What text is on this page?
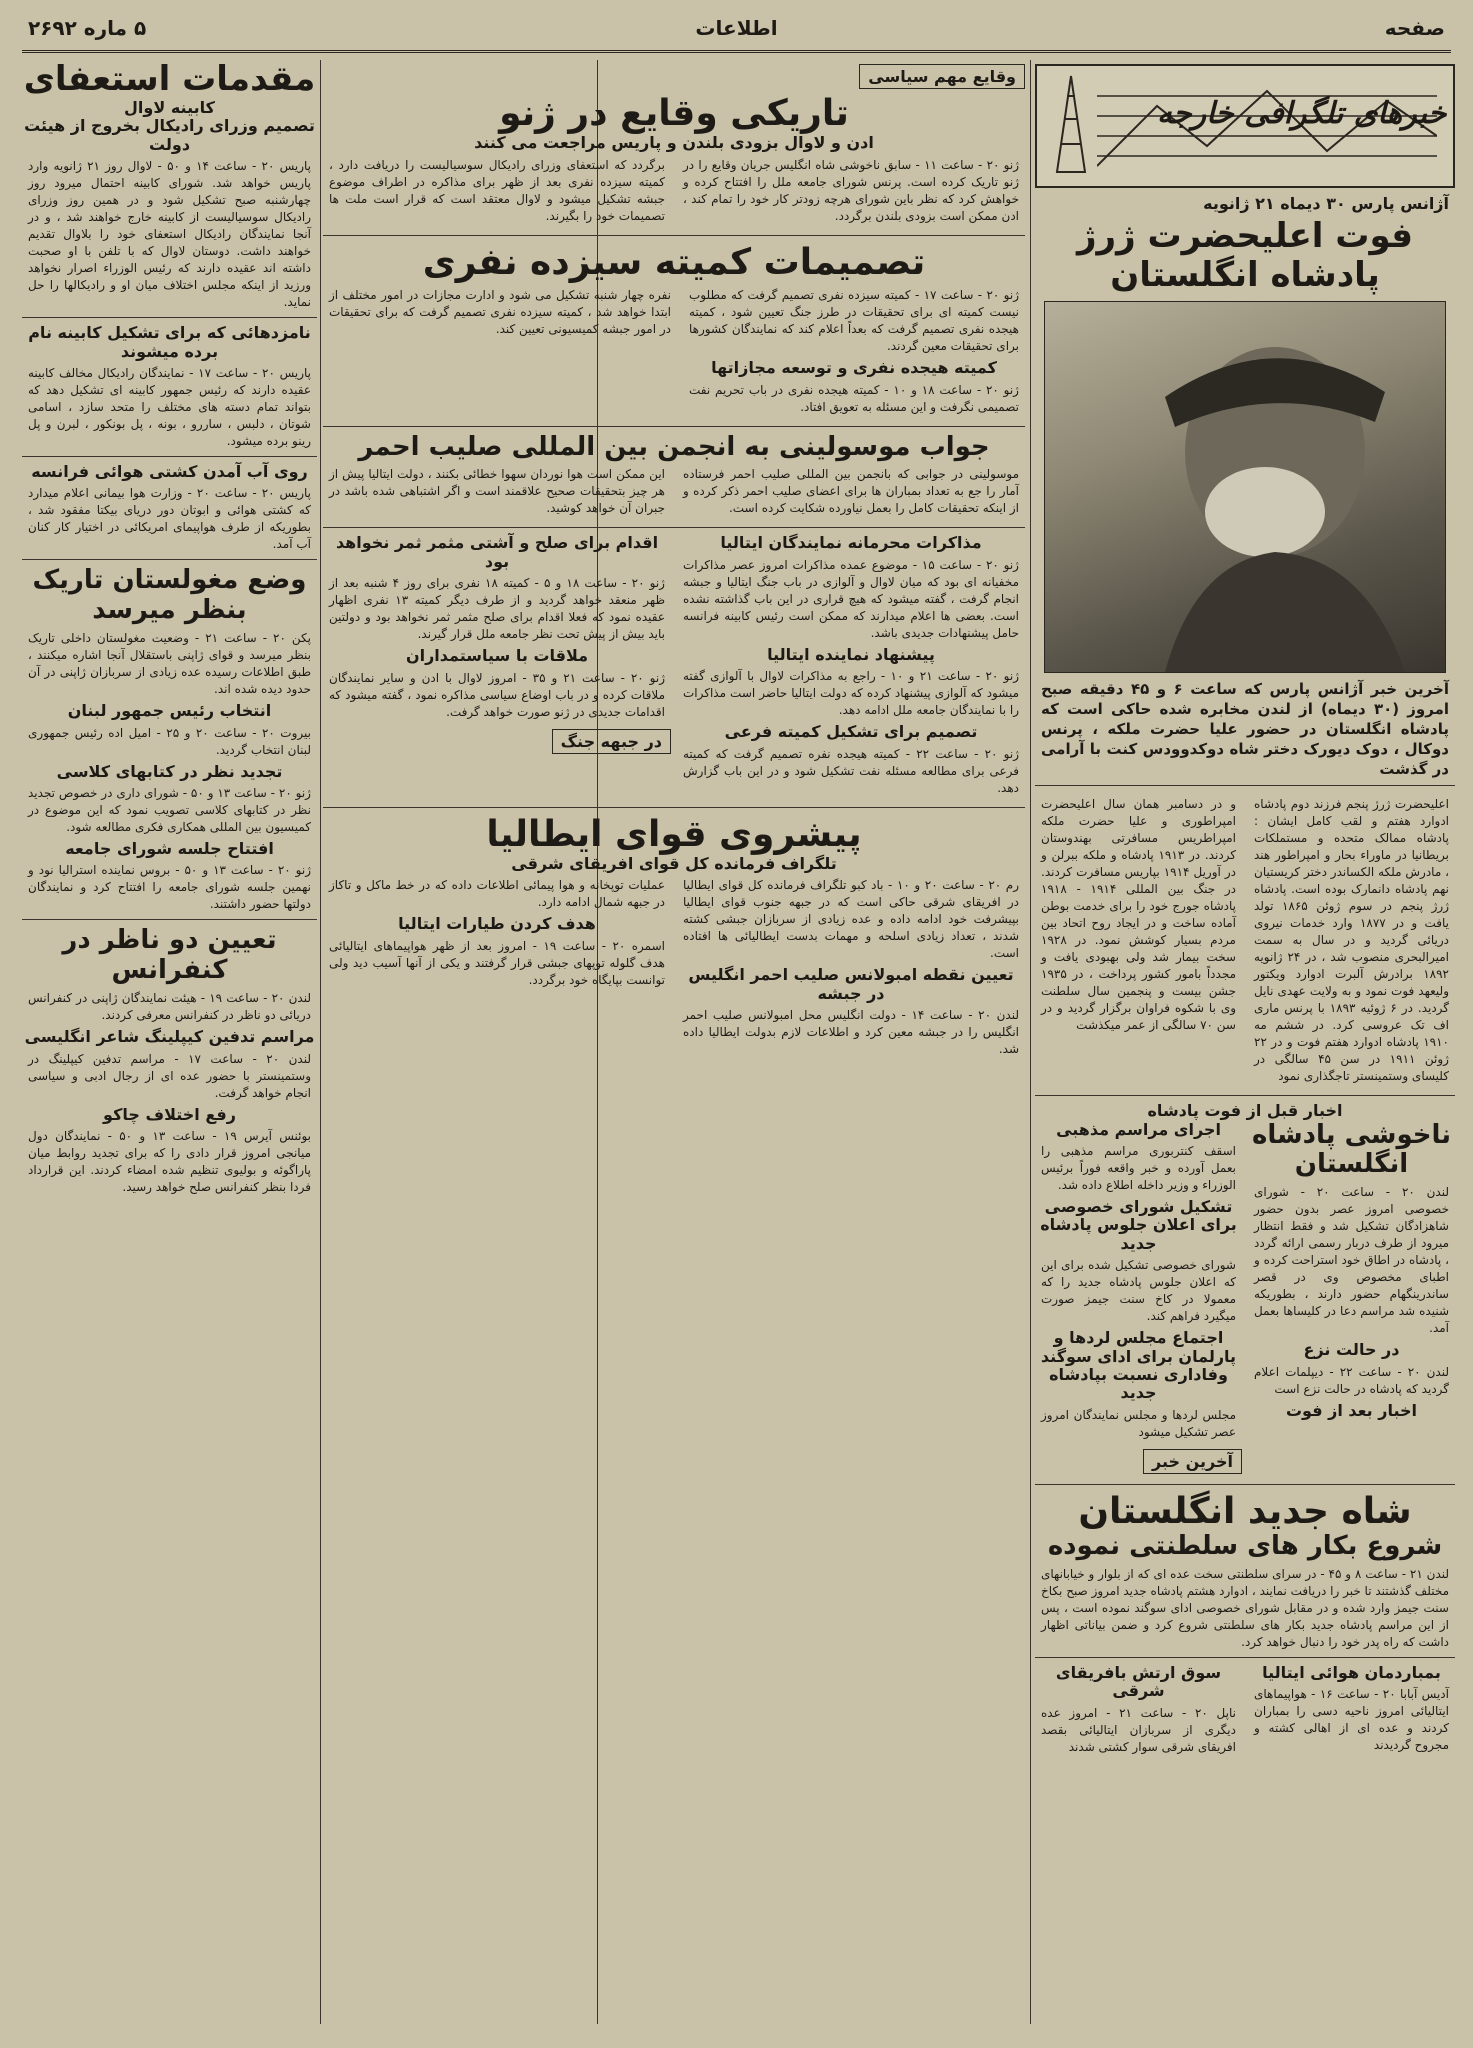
صفحه
اطلاعات
۵ ماره ۲۶۹۲
خبرهای تلگرافی خارجه
آژانس پارس ۳۰ دیماه ۲۱ ژانویه
فوت اعلیحضرت ژرژ پادشاه انگلستان
آخرین خبر آژانس پارس که ساعت ۶ و ۴۵ دقیقه صبح امروز (۳۰ دیماه) از لندن مخابره شده حاکی است که پادشاه انگلستان در حضور علیا حضرت ملکه ، پرنس دوکال ، دوک دیورک دختر شاه دوکدوودس کنت با آرامی در گذشت
اعلیحضرت ژرژ پنجم فرزند دوم پادشاه ادوارد هفتم و لقب کامل ایشان : پادشاه ممالک متحده و مستملکات بریطانیا در ماوراء بحار و امپراطور هند ، مادرش ملکه الکساندر دختر کریستیان نهم پادشاه دانمارک بوده است. پادشاه ژرژ پنجم در سوم ژوئن ۱۸۶۵ تولد یافت و در ۱۸۷۷ وارد خدمات نیروی دریائی گردید و در سال به سمت امیرالبحری منصوب شد ، در ۲۴ ژانویه ۱۸۹۲ برادرش آلبرت ادوارد ویکتور ولیعهد فوت نمود و به ولایت عهدی نایل گردید. در ۶ ژوئیه ۱۸۹۳ با پرنس ماری اف تک عروسی کرد. در ششم مه ۱۹۱۰ پادشاه ادوارد هفتم فوت و در ۲۲ ژوئن ۱۹۱۱ در سن ۴۵ سالگی در کلیسای وستمینستر تاجگذاری نمود
و در دسامبر همان سال اعلیحضرت امپراطوری و علیا حضرت ملکه امپراطریس مسافرتی بهندوستان کردند. در ۱۹۱۳ پادشاه و ملکه ببرلن و در آوریل ۱۹۱۴ بپاریس مسافرت کردند. در جنگ بین المللی ۱۹۱۴ - ۱۹۱۸ پادشاه جورج خود را برای خدمت بوطن آماده ساخت و در ایجاد روح اتحاد بین مردم بسیار کوشش نمود. در ۱۹۲۸ سخت بیمار شد ولی بهبودی یافت و مجدداً بامور کشور پرداخت ، در ۱۹۳۵ جشن بیست و پنجمین سال سلطنت وی با شکوه فراوان برگزار گردید و در سن ۷۰ سالگی از عمر میکذشت
اخبار قبل از فوت پادشاه
ناخوشی پادشاه انگلستان
لندن ۲۰ - ساعت ۲۰ - شورای خصوصی امروز عصر بدون حضور شاهزادگان تشکیل شد و فقط انتظار میرود از طرف دربار رسمی ارائه گردد ، پادشاه در اطاق خود استراحت کرده و اطبای مخصوص وی در قصر ساندرینگهام حضور دارند ، بطوریکه شنیده شد مراسم دعا در کلیساها بعمل آمد.
در حالت نزع
لندن ۲۰ - ساعت ۲۲ - دیپلمات اعلام گردید که پادشاه در حالت نزع است
اخبار بعد از فوت
اجرای مراسم مذهبی
اسقف کنتربوری مراسم مذهبی را بعمل آورده و خبر واقعه فوراً برئیس الوزراء و وزیر داخله اطلاع داده شد.
تشکیل شورای خصوصی برای اعلان جلوس پادشاه جدید
شورای خصوصی تشکیل شده برای این که اعلان جلوس پادشاه جدید را که معمولا در کاخ سنت جیمز صورت میگیرد فراهم کند.
اجتماع مجلس لردها و پارلمان برای ادای سوگند وفاداری نسبت بپادشاه جدید
مجلس لردها و مجلس نمایندگان امروز عصر تشکیل میشود
آخرین خبر
شاه جدید انگلستان
شروع بکار های سلطنتی نموده
لندن ۲۱ - ساعت ۸ و ۴۵ - در سرای سلطنتی سخت عده ای که از بلوار و خیابانهای مختلف گذشتند تا خبر را دریافت نمایند ، ادوارد هشتم پادشاه جدید امروز صبح بکاخ سنت جیمز وارد شده و در مقابل شورای خصوصی ادای سوگند نموده است ، پس از این مراسم پادشاه جدید بکار های سلطنتی شروع کرد و ضمن بیاناتی اظهار داشت که راه پدر خود را دنبال خواهد کرد.
بمباردمان هوائی ایتالیا
آدیس آبابا ۲۰ - ساعت ۱۶ - هواپیماهای ایتالیائی امروز ناحیه دسی را بمباران کردند و عده ای از اهالی کشته و مجروح گردیدند
سوق ارتش بافریقای شرقی
ناپل ۲۰ - ساعت ۲۱ - امروز عده دیگری از سربازان ایتالیائی بقصد افریقای شرقی سوار کشتی شدند
وقایع مهم سیاسی
تاریکی وقایع در ژنو
ادن و لاوال بزودی بلندن و پاریس مراجعت می کنند
ژنو ۲۰ - ساعت ۱۱ - سابق ناخوشی شاه انگلیس جریان وقایع را در ژنو تاریک کرده است. پرنس شورای جامعه ملل را افتتاح کرده و خواهش کرد که نظر باین شورای هرچه زودتر کار خود را تمام کند ، ادن ممکن است بزودی بلندن برگردد.
برگردد که استعفای وزرای رادیکال سوسیالیست را دریافت دارد ، کمیته سیزده نفری بعد از ظهر برای مذاکره در اطراف موضوع جبشه تشکیل میشود و لاوال معتقد است که قرار است ملت ها تصمیمات خود را بگیرند.
تصمیمات کمیته سیزده نفری
ژنو ۲۰ - ساعت ۱۷ - کمیته سیزده نفری تصمیم گرفت که مطلوب نیست کمیته ای برای تحقیقات در طرز جنگ تعیین شود ، کمیته هیجده نفری تصمیم گرفت که بعداً اعلام کند که نمایندگان کشورها برای تحقیقات معین گردند.
کمیته هیجده نفری و توسعه مجازاتها
ژنو ۲۰ - ساعت ۱۸ و ۱۰ - کمیته هیجده نفری در باب تحریم نفت تصمیمی نگرفت و این مسئله به تعویق افتاد.
نفره چهار شنبه تشکیل می شود و ادارت مجازات در امور مختلف از ابتدا خواهد شد ، کمیته سیزده نفری تصمیم گرفت که برای تحقیقات در امور جبشه کمیسیونی تعیین کند.
جواب موسولینی به انجمن بین المللی صلیب احمر
موسولینی در جوابی که بانجمن بین المللی صلیب احمر فرستاده آمار را جع به تعداد بمباران ها برای اعضای صلیب احمر ذکر کرده و از اینکه تحقیقات کامل را بعمل نیاورده شکایت کرده است.
این ممکن است هوا نوردان سهوا خطائی بکنند ، دولت ایتالیا پیش از هر چیز بتحقیقات صحیح علاقمند است و اگر اشتباهی شده باشد در جبران آن خواهد کوشید.
مذاکرات محرمانه نمایندگان ایتالیا
ژنو ۲۰ - ساعت ۱۵ - موضوع عمده مذاکرات امروز عصر مذاکرات مخفیانه ای بود که میان لاوال و آلوازی در باب جنگ ایتالیا و جبشه انجام گرفت ، گفته میشود که هیچ قراری در این باب گذاشته نشده است. بعضی ها اعلام میدارند که ممکن است رئیس کابینه فرانسه حامل پیشنهادات جدیدی باشد.
پیشنهاد نماینده ایتالیا
ژنو ۲۰ - ساعت ۲۱ و ۱۰ - راجع به مذاکرات لاوال با آلوازی گفته میشود که آلوازی پیشنهاد کرده که دولت ایتالیا حاضر است مذاکرات را با نمایندگان جامعه ملل ادامه دهد.
تصمیم برای تشکیل کمیته فرعی
ژنو ۲۰ - ساعت ۲۲ - کمیته هیجده نفره تصمیم گرفت که کمیته فرعی برای مطالعه مسئله نفت تشکیل شود و در این باب گزارش دهد.
اقدام برای صلح و آشتی مثمر ثمر نخواهد بود
ژنو ۲۰ - ساعت ۱۸ و ۵ - کمیته ۱۸ نفری برای روز ۴ شنبه بعد از ظهر منعقد خواهد گردید و از طرف دیگر کمیته ۱۳ نفری اظهار عقیده نمود که فعلا اقدام برای صلح مثمر ثمر نخواهد بود و دولتین باید بیش از پیش تحت نظر جامعه ملل قرار گیرند.
ملاقات با سیاستمداران
ژنو ۲۰ - ساعت ۲۱ و ۳۵ - امروز لاوال با ادن و سایر نمایندگان ملاقات کرده و در باب اوضاع سیاسی مذاکره نمود ، گفته میشود که اقدامات جدیدی در ژنو صورت خواهد گرفت.
در جبهه جنگ
پیشروی قوای ایطالیا
تلگراف فرمانده کل قوای افریقای شرقی
رم ۲۰ - ساعت ۲۰ و ۱۰ - باد کبو تلگراف فرمانده کل قوای ایطالیا در افریقای شرقی حاکی است که در جبهه جنوب قوای ایطالیا بپیشرفت خود ادامه داده و عده زیادی از سربازان جبشی کشته شدند ، تعداد زیادی اسلحه و مهمات بدست ایطالیائی ها افتاده است.
تعیین نقطه امبولانس صلیب احمر انگلیس در جبشه
لندن ۲۰ - ساعت ۱۴ - دولت انگلیس محل امبولانس صلیب احمر انگلیس را در جبشه معین کرد و اطلاعات لازم بدولت ایطالیا داده شد.
عملیات توپخانه و هوا پیمائی اطلاعات داده که در خط ماکل و تاکاز در جبهه شمال ادامه دارد.
هدف کردن طیارات ایتالیا
اسمره ۲۰ - ساعت ۱۹ - امروز بعد از ظهر هواپیماهای ایتالیائی هدف گلوله توپهای جبشی قرار گرفتند و یکی از آنها آسیب دید ولی توانست بپایگاه خود برگردد.
مقدمات استعفای
کابینه لاوال
تصمیم وزرای رادیکال بخروج از هیئت دولت
پاریس ۲۰ - ساعت ۱۴ و ۵۰ - لاوال روز ۲۱ ژانویه وارد پاریس خواهد شد. شورای کابینه احتمال میرود روز چهارشنبه صبح تشکیل شود و در همین روز وزرای رادیکال سوسیالیست از کابینه خارج خواهند شد ، و در آنجا نمایندگان رادیکال استعفای خود را بلاوال تقدیم خواهند داشت. دوستان لاوال که با تلفن با او صحبت داشته اند عقیده دارند که رئیس الوزراء اصرار نخواهد ورزید از اینکه مجلس اختلاف میان او و رادیکالها را حل نماید.
نامزدهائی که برای تشکیل کابینه نام برده میشوند
پاریس ۲۰ - ساعت ۱۷ - نمایندگان رادیکال مخالف کابینه عقیده دارند که رئیس جمهور کابینه ای تشکیل دهد که بتواند تمام دسته های مختلف را متحد سازد ، اسامی شوتان ، دلبس ، ساررو ، بونه ، پل بونکور ، لبرن و پل رینو برده میشود.
روی آب آمدن کشتی هوائی فرانسه
پاریس ۲۰ - ساعت ۲۰ - وزارت هوا بیمانی اعلام میدارد که کشتی هوائی و ابوتان دور دریای بیکتا مفقود شد ، بطوریکه از طرف هواپیمای امریکائی در اختیار کار کنان آب آمد.
وضع مغولستان تاریک بنظر میرسد
پکن ۲۰ - ساعت ۲۱ - وضعیت مغولستان داخلی تاریک بنظر میرسد و قوای ژاپنی باستقلال آنجا اشاره میکنند ، طبق اطلاعات رسیده عده زیادی از سربازان ژاپنی در آن حدود دیده شده اند.
انتخاب رئیس جمهور لبنان
بیروت ۲۰ - ساعت ۲۰ و ۲۵ - امیل اده رئیس جمهوری لبنان انتخاب گردید.
تجدید نظر در کتابهای کلاسی
ژنو ۲۰ - ساعت ۱۳ و ۵۰ - شورای داری در خصوص تجدید نظر در کتابهای کلاسی تصویب نمود که این موضوع در کمیسیون بین المللی همکاری فکری مطالعه شود.
افتتاح جلسه شورای جامعه
ژنو ۲۰ - ساعت ۱۳ و ۵۰ - بروس نماینده استرالیا نود و نهمین جلسه شورای جامعه را افتتاح کرد و نمایندگان دولتها حضور داشتند.
تعیین دو ناظر در کنفرانس
لندن ۲۰ - ساعت ۱۹ - هیئت نمایندگان ژاپنی در کنفرانس دریائی دو ناظر در کنفرانس معرفی کردند.
مراسم تدفین کیپلینگ شاعر انگلیسی
لندن ۲۰ - ساعت ۱۷ - مراسم تدفین کیپلینگ در وستمینستر با حضور عده ای از رجال ادبی و سیاسی انجام خواهد گرفت.
رفع اختلاف چاکو
بوئنس آیرس ۱۹ - ساعت ۱۳ و ۵۰ - نمایندگان دول میانجی امروز قرار دادی را که برای تجدید روابط میان پاراگوئه و بولیوی تنظیم شده امضاء کردند. این قرارداد فردا بنظر کنفرانس صلح خواهد رسید.
